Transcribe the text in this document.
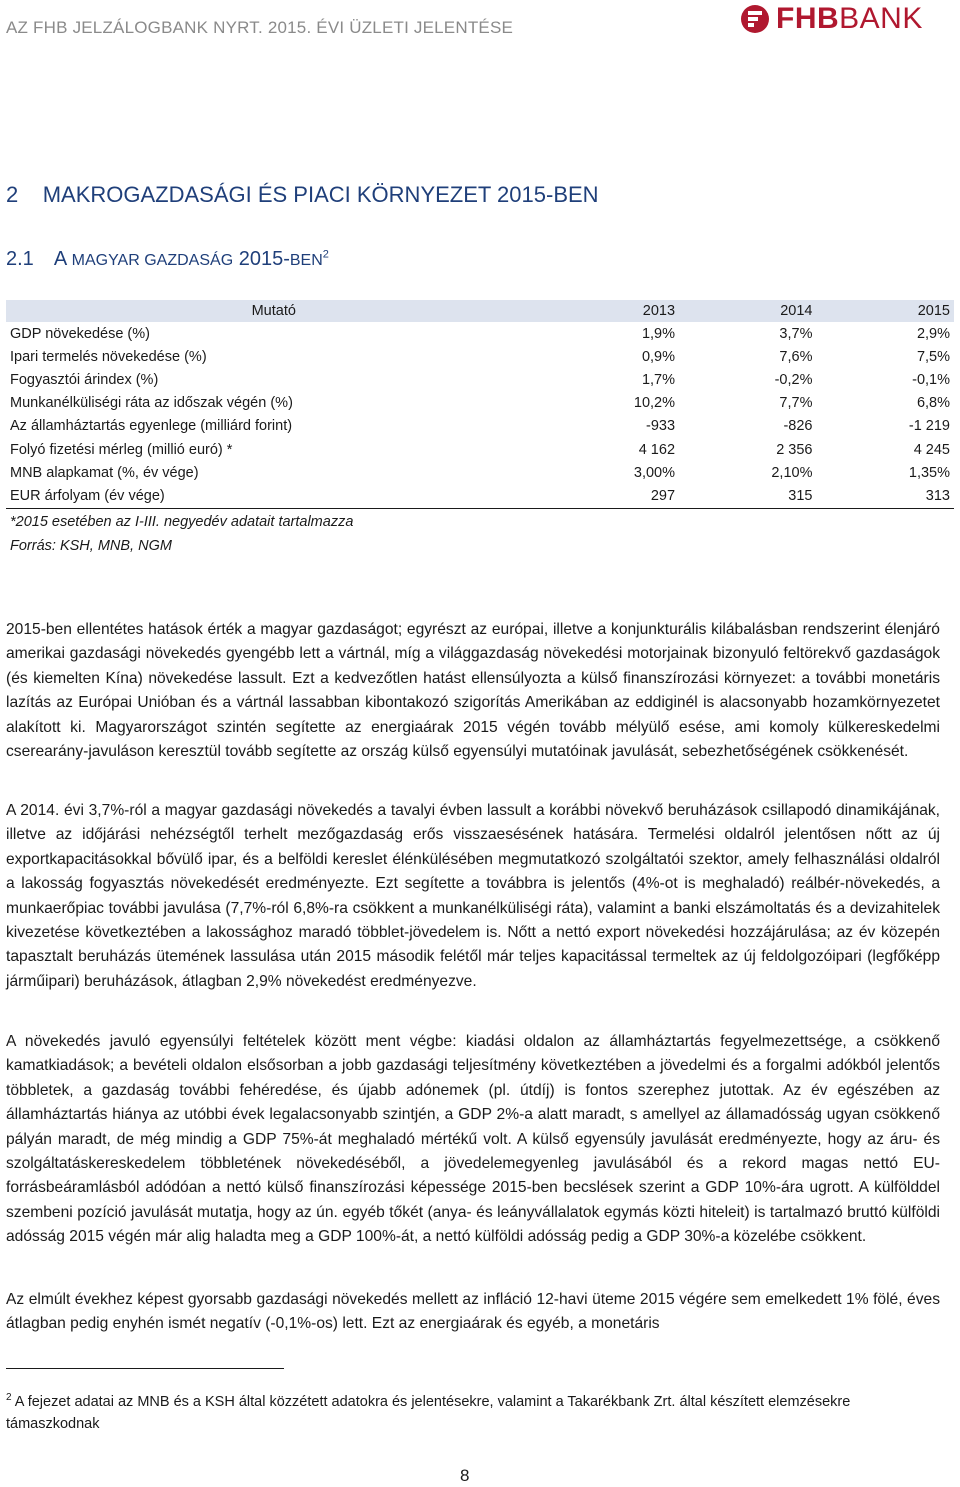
AZ FHB JELZÁLOGBANK NYRT. 2015. ÉVI ÜZLETI JELENTÉSE	FHBBANK
2 MAKROGAZDASÁGI ÉS PIACI KÖRNYEZET 2015-BEN
2.1 A MAGYAR GAZDASÁG 2015-BEN$^2$
Mutató	2013	2014	2015
GDP növekedése (%)	1,9%	3,7%	2,9%
Ipari termelés növekedése (%)	0,9%	7,6%	7,5%
Fogyasztói árindex (%)	1,7%	-0,2%	-0,1%
Munkanélküliségi ráta az időszak végén (%)	10,2%	7,7%	6,8%
Az államháztartás egyenlege (milliárd forint)	-933	-826	-1 219
Folyó fizetési mérleg (millió euró) *	4 162	2 356	4 245
MNB alapkamat (%, év vége)	3,00%	2,10%	1,35%
EUR árfolyam (év vége)	297	315	313
*2015 esetében az I-III. negyedév adatait tartalmazza
Forrás: KSH, MNB, NGM

2015-ben ellentétes hatások érték a magyar gazdaságot; egyrészt az európai, illetve a konjunkturális kilábalásban rendszerint élenjáró amerikai gazdasági növekedés gyengébb lett a vártnál, míg a világgazdaság növekedési motorjainak bizonyuló feltörekvő gazdaságok (és kiemelten Kína) növekedése lassult. Ezt a kedvezőtlen hatást ellensúlyozta a külső finanszírozási környezet: a további monetáris lazítás az Európai Unióban és a vártnál lassabban kibontakozó szigorítás Amerikában az eddiginél is alacsonyabb hozamkörnyezetet alakított ki. Magyarországot szintén segítette az energiaárak 2015 végén tovább mélyülő esése, ami komoly külkereskedelmi cserearány-javuláson keresztül tovább segítette az ország külső egyensúlyi mutatóinak javulását, sebezhetőségének csökkenését.

A 2014. évi 3,7%-ról a magyar gazdasági növekedés a tavalyi évben lassult a korábbi növekvő beruházások csillapodó dinamikájának, illetve az időjárási nehézségtől terhelt mezőgazdaság erős visszaesésének hatására. Termelési oldalról jelentősen nőtt az új exportkapacitásokkal bővülő ipar, és a belföldi kereslet élénkülésében megmutatkozó szolgáltatói szektor, amely felhasználási oldalról a lakosság fogyasztás növekedését eredményezte. Ezt segítette a továbbra is jelentős (4%-ot is meghaladó) reálbér-növekedés, a munkaerőpiac további javulása (7,7%-ról 6,8%-ra csökkent a munkanélküliségi ráta), valamint a banki elszámoltatás és a devizahitelek kivezetése következtében a lakossághoz maradó többlet-jövedelem is. Nőtt a nettó export növekedési hozzájárulása; az év közepén tapasztalt beruházás ütemének lassulása után 2015 második felétől már teljes kapacitással termeltek az új feldolgozóipari (legfőképp járműipari) beruházások, átlagban 2,9% növekedést eredményezve.

A növekedés javuló egyensúlyi feltételek között ment végbe: kiadási oldalon az államháztartás fegyelmezettsége, a csökkenő kamatkiadások; a bevételi oldalon elsősorban a jobb gazdasági teljesítmény következtében a jövedelmi és a forgalmi adókból jelentős többletek, a gazdaság további fehéredése, és újabb adónemek (pl. útdíj) is fontos szerephez jutottak. Az év egészében az államháztartás hiánya az utóbbi évek legalacsonyabb szintjén, a GDP 2%-a alatt maradt, s amellyel az államadósság ugyan csökkenő pályán maradt, de még mindig a GDP 75%-át meghaladó mértékű volt. A külső egyensúly javulását eredményezte, hogy az áru- és szolgáltatáskereskedelem többletének növekedéséből, a jövedelemegyenleg javulásából és a rekord magas nettó EU-forrásbeáramlásból adódóan a nettó külső finanszírozási képessége 2015-ben becslések szerint a GDP 10%-ára ugrott. A külfölddel szembeni pozíció javulását mutatja, hogy az ún. egyéb tőkét (anya- és leányvállalatok egymás közti hiteleit) is tartalmazó bruttó külföldi adósság 2015 végén már alig haladta meg a GDP 100%-át, a nettó külföldi adósság pedig a GDP 30%-a közelébe csökkent.

Az elmúlt évekhez képest gyorsabb gazdasági növekedés mellett az infláció 12-havi üteme 2015 végére sem emelkedett 1% fölé, éves átlagban pedig enyhén ismét negatív (-0,1%-os) lett. Ezt az energiaárak és egyéb, a monetáris

$^2$ A fejezet adatai az MNB és a KSH által közzétett adatokra és jelentésekre, valamint a Takarékbank Zrt. által készített elemzésekre támaszkodnak

8
